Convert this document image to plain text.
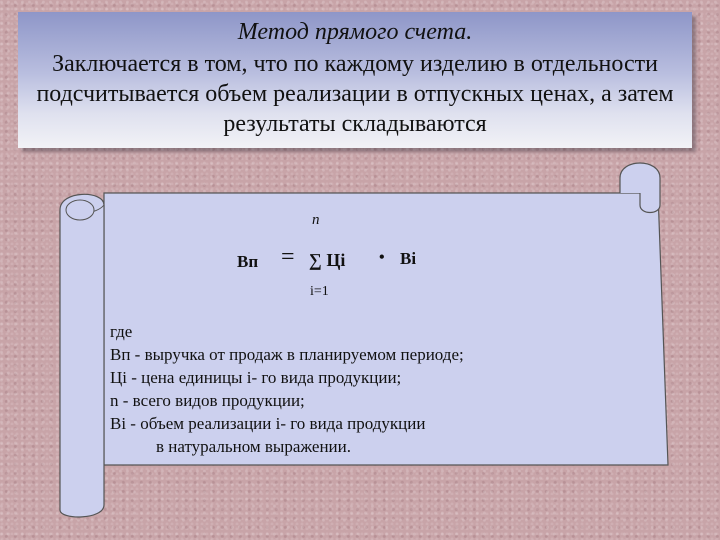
Метод прямого счета.
Заключается в том, что по каждому изделию в отдельности подсчитывается объем реализации в отпускных ценах, а затем результаты складываются
n
Вп = ∑ Цi • Вi
i=1
где
Вп - выручка от продаж в планируемом периоде;
Цi - цена единицы i- го вида продукции;
n - всего видов продукции;
Вi - объем реализации i- го вида продукции
в натуральном выражении.
